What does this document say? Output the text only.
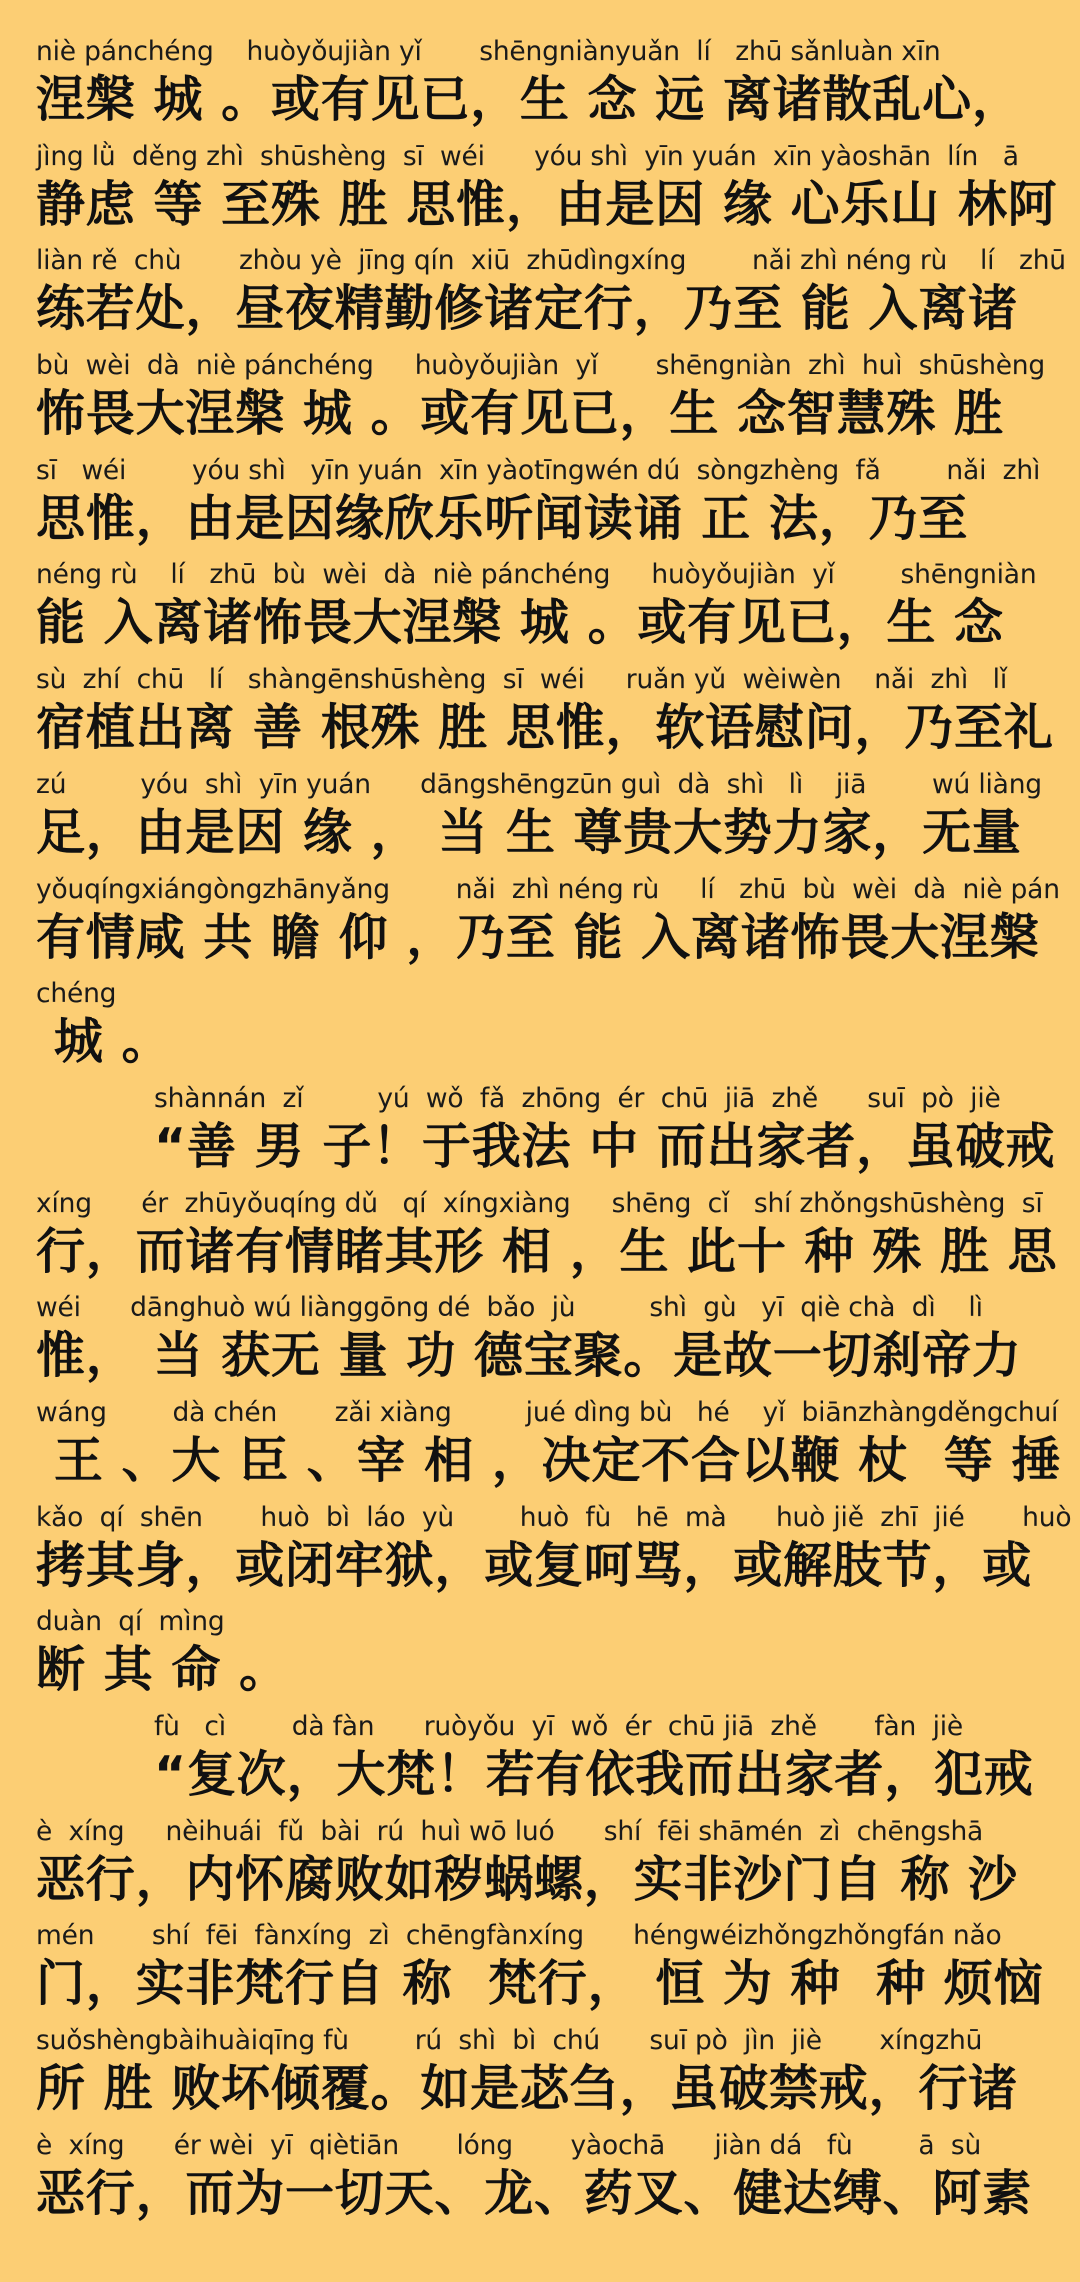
niè pánchéng    huòyǒujiàn yǐ       shēngniànyuǎn  lí   zhū sǎnluàn xīn
涅槃 城 。或有见已，生 念 远 离诸散乱心，
jìng lǜ  děng zhì  shūshèng  sī  wéi      yóu shì  yīn yuán  xīn yàoshān  lín   ā
静虑 等 至殊 胜 思惟，由是因 缘 心乐山 林阿
liàn rě  chù       zhòu yè  jīng qín  xiū  zhūdìngxíng        nǎi zhì néng rù    lí   zhū
练若处，昼夜精勤修诸定行，乃至 能 入离诸
bù  wèi  dà  niè pánchéng     huòyǒujiàn  yǐ       shēngniàn  zhì  huì  shūshèng
怖畏大涅槃 城 。或有见已，生 念智慧殊 胜
sī   wéi        yóu shì   yīn yuán  xīn yàotīngwén dú  sòngzhèng  fǎ        nǎi  zhì
思惟，由是因缘欣乐听闻读诵 正 法，乃至
néng rù    lí   zhū  bù  wèi  dà  niè pánchéng     huòyǒujiàn  yǐ        shēngniàn
能 入离诸怖畏大涅槃 城 。或有见已，生 念
sù  zhí  chū   lí   shàngēnshūshèng  sī  wéi     ruǎn yǔ  wèiwèn    nǎi  zhì   lǐ
宿植出离 善 根殊 胜 思惟，软语慰问，乃至礼
zú         yóu  shì  yīn yuán      dāngshēngzūn guì  dà  shì   lì    jiā        wú liàng
足，由是因 缘 ， 当 生 尊贵大势力家，无量
yǒuqíngxiángòngzhānyǎng        nǎi  zhì néng rù     lí   zhū  bù  wèi  dà  niè pán
有情咸 共 瞻 仰 ，乃至 能 入离诸怖畏大涅槃
chéng
城 。
shànnán  zǐ         yú  wǒ  fǎ  zhōng  ér  chū  jiā  zhě      suī  pò  jiè
“善 男 子！于我法 中 而出家者，虽破戒
xíng      ér  zhūyǒuqíng dǔ   qí  xíngxiàng     shēng  cǐ   shí zhǒngshūshèng  sī
行，而诸有情睹其形 相 ，生 此十 种 殊 胜 思
wéi      dānghuò wú liànggōng dé  bǎo  jù         shì  gù   yī  qiè chà  dì    lì
惟， 当 获无 量 功 德宝聚。是故一切刹帝力
wáng        dà chén       zǎi xiàng         jué dìng bù   hé    yǐ  biānzhàngděngchuí
王 、大 臣 、宰 相 ，决定不合以鞭 杖  等 捶
kǎo  qí  shēn       huò  bì  láo  yù        huò  fù   hē  mà      huò jiě  zhī  jié       huò
拷其身，或闭牢狱，或复呵骂，或解肢节，或
duàn  qí  mìng
断 其 命 。
fù   cì        dà fàn      ruòyǒu  yī  wǒ  ér  chū jiā  zhě       fàn  jiè
“复次，大梵！若有依我而出家者，犯戒
è  xíng     nèihuái  fǔ  bài  rú  huì wō luó      shí  fēi shāmén  zì  chēngshā
恶行，内怀腐败如秽蜗螺，实非沙门自 称 沙
mén       shí  fēi  fànxíng  zì  chēngfànxíng      héngwéizhǒngzhǒngfán nǎo
门，实非梵行自 称  梵行， 恒 为 种  种 烦恼
suǒshèngbàihuàiqīng fù        rú  shì  bì  chú      suī pò  jìn  jiè       xíngzhū
所 胜 败坏倾覆。如是苾刍，虽破禁戒，行诸
è  xíng      ér wèi  yī  qiètiān       lóng       yàochā      jiàn dá   fù        ā  sù
恶行，而为一切天、龙、药叉、健达缚、阿素
